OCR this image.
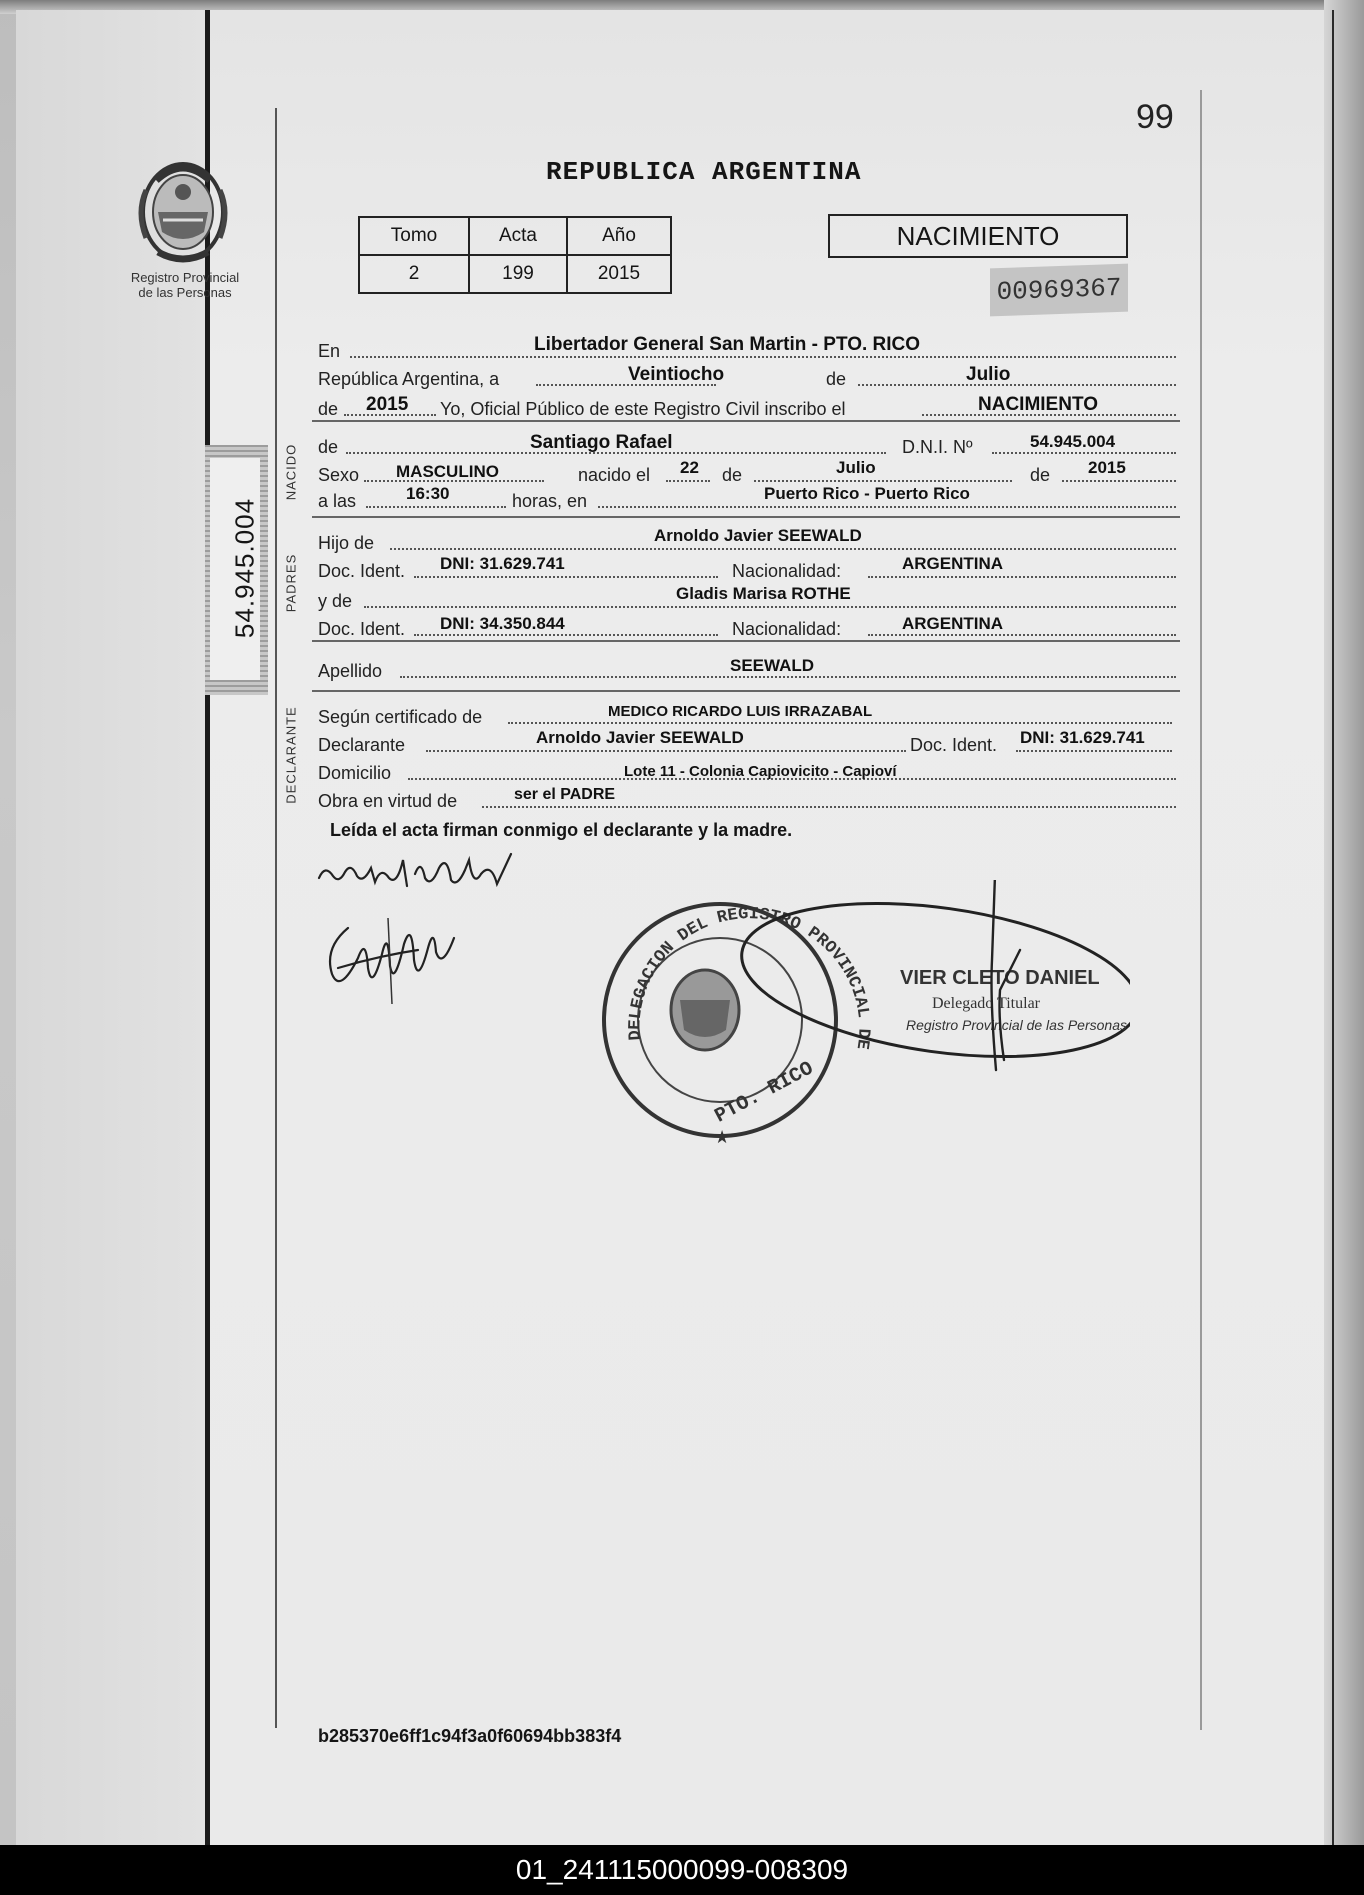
99
REPUBLICA ARGENTINA
Registro Provincial
de las Personas
Tomo	Acta	Año
2	199	2015
NACIMIENTO
00969367
54.945.004
NACIDO
PADRES
DECLARANTE
En	Libertador General San Martin - PTO. RICO
República Argentina, a	Veintiocho	de	Julio
de 2015 Yo, Oficial Público de este Registro Civil inscribo el	NACIMIENTO
de	Santiago Rafael	D.N.I. Nº	54.945.004
Sexo MASCULINO	nacido el 22 de	Julio	de 2015
a las	16:30	horas, en	Puerto Rico - Puerto Rico
Hijo de	Arnoldo Javier SEEWALD
Doc. Ident. DNI: 31.629.741	Nacionalidad:	ARGENTINA
y de	Gladis Marisa ROTHE
Doc. Ident. DNI: 34.350.844	Nacionalidad:	ARGENTINA
Apellido	SEEWALD
Según certificado de	MEDICO RICARDO LUIS IRRAZABAL
Declarante	Arnoldo Javier SEEWALD	Doc. Ident. DNI: 31.629.741
Domicilio	Lote 11 - Colonia Capiovicito - Capioví
Obra en virtud de	ser el PADRE
Leída el acta firman conmigo el declarante y la madre.
DELEGACION DEL REGISTRO PROVINCIAL DE
PTO. RICO
★
VIER CLETO DANIEL
Delegado Titular
Registro Provincial de las Personas
b285370e6ff1c94f3a0f60694bb383f4
01_241115000099-008309
